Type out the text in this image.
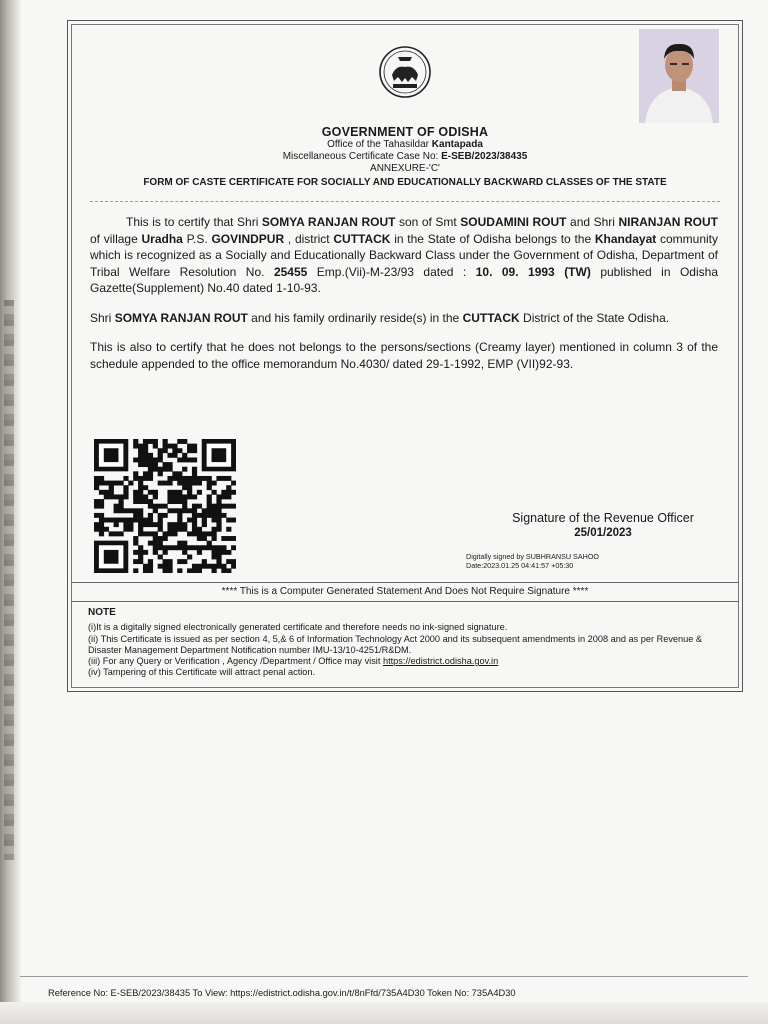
GOVERNMENT OF ODISHA
Office of the Tahasildar Kantapada
Miscellaneous Certificate Case No: E-SEB/2023/38435
ANNEXURE-'C'
FORM OF CASTE CERTIFICATE FOR SOCIALLY AND EDUCATIONALLY BACKWARD CLASSES OF THE STATE

This is to certify that Shri SOMYA RANJAN ROUT son of Smt SOUDAMINI ROUT and Shri NIRANJAN ROUT of village Uradha P.S. GOVINDPUR , district CUTTACK in the State of Odisha belongs to the Khandayat community which is recognized as a Socially and Educationally Backward Class under the Government of Odisha, Department of Tribal Welfare Resolution No. 25455 Emp.(Vii)-M-23/93 dated : 10. 09. 1993 (TW) published in Odisha Gazette(Supplement) No.40 dated 1-10-93.

Shri SOMYA RANJAN ROUT and his family ordinarily reside(s) in the CUTTACK District of the State Odisha.

This is also to certify that he does not belongs to the persons/sections (Creamy layer) mentioned in column 3 of the schedule appended to the office memorandum No.4030/ dated 29-1-1992, EMP (VII)92-93.

Signature of the Revenue Officer
25/01/2023
Digitally signed by SUBHRANSU SAHOO
Date:2023.01.25 04:41:57 +05:30
**** This is a Computer Generated Statement And Does Not Require Signature ****
NOTE
(i)It is a digitally signed electronically generated certificate and therefore needs no ink-signed signature.
(ii) This Certificate is issued as per section 4, 5,& 6 of Information Technology Act 2000 and its subsequent amendments in 2008 and as per Revenue & Disaster Management Department Notification number IMU-13/10-4251/R&DM.
(iii) For any Query or Verification , Agency /Department / Office may visit https://edistrict.odisha.gov.in
(iv) Tampering of this Certificate will attract penal action.
Reference No: E-SEB/2023/38435 To View: https://edistrict.odisha.gov.in/t/8nFfd/735A4D30 Token No: 735A4D30
